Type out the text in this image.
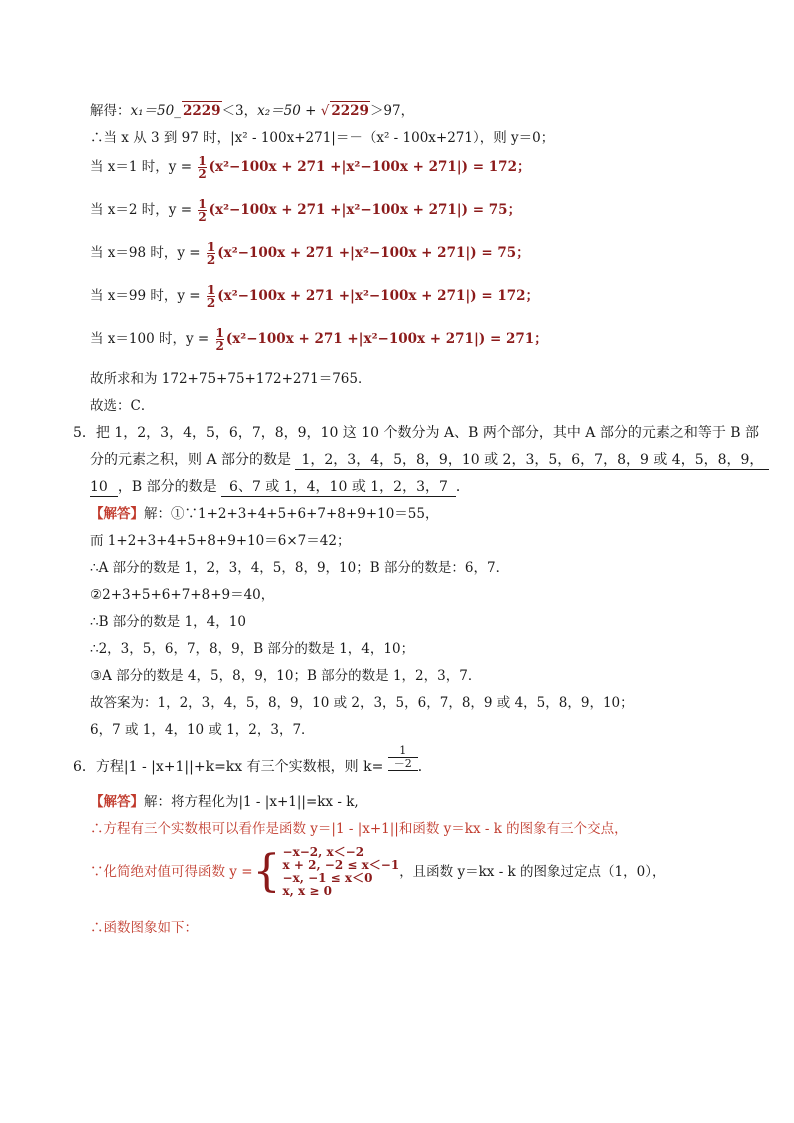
解得：x₁＝50_ 2229＜3，x₂＝50 + √ 2229＞97，
∴当 x 从 3 到 97 时，|x² - 100x+271|＝－（x² - 100x+271），则 y＝0；
当 x＝1 时，$y = \frac{1}{2} (x^2-100x + 271 +|x^2-100x + 271|) = 172$；
当 x＝2 时，$y = \frac{1}{2} (x^2-100x + 271 +|x^2-100x + 271|) = 75$；
当 x＝98 时，$y = \frac{1}{2} (x^2-100x + 271 +|x^2-100x + 271|) = 75$；
当 x＝99 时，$y = \frac{1}{2} (x^2-100x + 271 +|x^2-100x + 271|) = 172$；
当 x＝100 时，$y = \frac{1}{2} (x^2-100x + 271 +|x^2-100x + 271|) = 271$；
故所求和为 172+75+75+172+271＝765．
故选：C．
5．把 1，2，3，4，5，6，7，8，9，10 这 10 个数分为 A、B 两个部分，其中 A 部分的元素之和等于 B 部
分的元素之积，则 A 部分的数是 1，2，3，4，5，8，9，10 或 2，3，5，6，7，8，9 或 4，5，8，9，
10 ，B 部分的数是 6、7 或 1，4，10 或 1，2，3，7 ．
【解答】解：①∵1+2+3+4+5+6+7+8+9+10＝55，
而 1+2+3+4+5+8+9+10＝6×7＝42；
∴A 部分的数是 1，2，3，4，5，8，9，10；B 部分的数是：6，7．
②2+3+5+6+7+8+9＝40，
∴B 部分的数是 1，4，10
∴2，3，5，6，7，8，9，B 部分的数是 1，4，10；
③A 部分的数是 4，5，8，9，10；B 部分的数是 1，2，3，7．
故答案为：1，2，3，4，5，8，9，10 或 2，3，5，6，7，8，9 或 4，5，8，9，10；
6，7 或 1，4，10 或 1，2，3，7．
6．方程|1 - |x+1||+k=kx 有三个实数根，则 $k= \frac{1}{-2}$ ．
【解答】解：将方程化为|1 - |x+1||=kx - k,
∴方程有三个实数根可以看作是函数 y＝|1 - |x+1||和函数 y＝kx - k 的图象有三个交点，
∵化简绝对值可得函数 y ={ −x−2, x＜−2
x + 2, −2 ≤ x＜−1
−x, −1 ≤ x＜0
x, x ≥ 0
，且函数 y＝kx - k 的图象过定点（1，0），
∴函数图象如下：
